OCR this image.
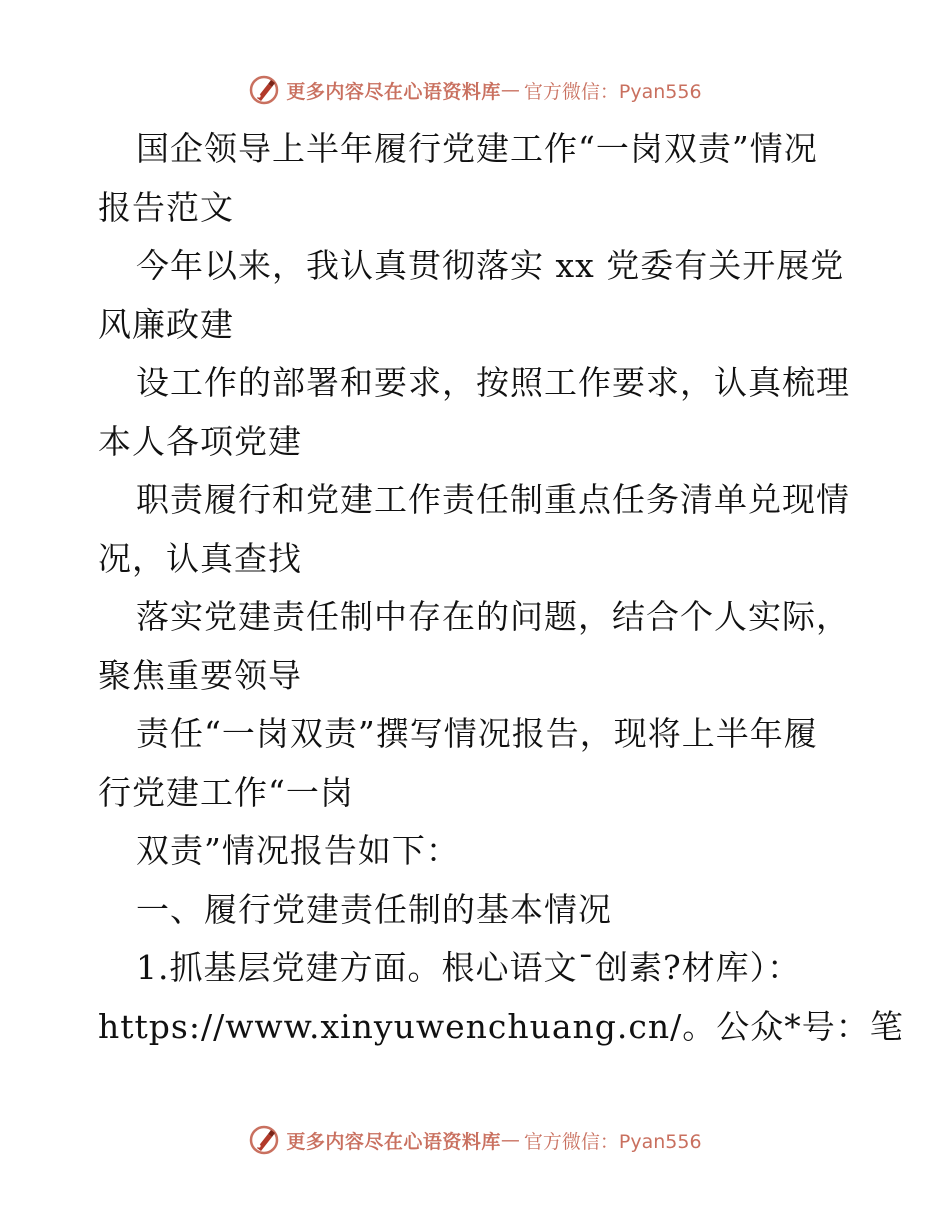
更多内容尽在心语资料库 — 官方微信：Pyan556
国企领导上半年履行党建工作“一岗双责”情况
报告范文
今年以来，我认真贯彻落实 xx 党委有关开展党
风廉政建
设工作的部署和要求，按照工作要求，认真梳理
本人各项党建
职责履行和党建工作责任制重点任务清单兑现情
况，认真查找
落实党建责任制中存在的问题，结合个人实际，
聚焦重要领导
责任“一岗双责”撰写情况报告，现将上半年履
行党建工作“一岗
双责”情况报告如下：
一、履行党建责任制的基本情况
1.抓基层党建方面。根心语文¯创素?材库）：
https://www.xinyuwenchuang.cn/。公众*号：笔
更多内容尽在心语资料库 — 官方微信：Pyan556
